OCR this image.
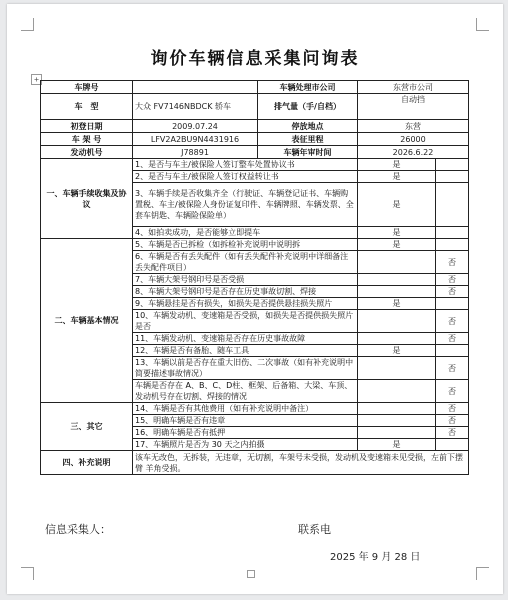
询价车辆信息采集问询表
+
车牌号		车辆处理市公司	东营市公司	
车　型	大众 FV7146NBDCK 轿车	排气量（手/自档）	自动挡	
初登日期	2009.07.24	停放地点	东营	
车 架 号	LFV2A2BU9N4431916	表征里程	26000	
发动机号	J78891	车辆年审时间	2026.6.22	
一、车辆手续收集及协议	1、是否与车主/被保险人签订整车处置协议书		是	
	2、是否与车主/被保险人签订权益转让书		是	
	3、车辆手续是否收集齐全（行驶证、车辆登记证书、车辆购置税、车主/被保险人身份证复印件、车辆牌照、车辆发票、全套车钥匙、车辆险保险单）		是	
	4、如拍卖成功，是否能够立即提车		是	
二、车辆基本情况	5、车辆是否已拆检（如拆检补充说明中说明拆		是	
	6、车辆是否有丢失配件（如有丢失配件补充说明中详细备注丢失配件项目）			否
	7、车辆大架号钢印号是否受损			否
	8、车辆大架号钢印号是否存在历史事故切割、焊接			否
	9、车辆悬挂是否有损失，如损失是否提供悬挂损失照片		是	
	10、车辆发动机、变速箱是否受损，如损失是否提供损失照片是否			否
	11、车辆发动机、变速箱是否存在历史事故故障			否
	12、车辆是否有备胎、随车工具		是	
	13、车辆以前是否存在重大旧伤、二次事故（如有补充说明中简要描述事故情况）			否
	车辆是否存在 A、B、C、D柱、框架、后备箱、大梁、车顶、发动机号存在切割、焊接的情况			否
三、其它	14、车辆是否有其他费用（如有补充说明中备注）			否
	15、明确车辆是否有违章			否
	16、明确车辆是否有抵押			否
	17、车辆照片是否为 30 天之内拍摄		是	
四、补充说明	该车无改色，无拆装，无违章，无切割，车架号未受损，发动机及变速箱未见受损，左前下摆臂 羊角受损。			
信息采集人：	联系电
2025 年 9 月 28 日
